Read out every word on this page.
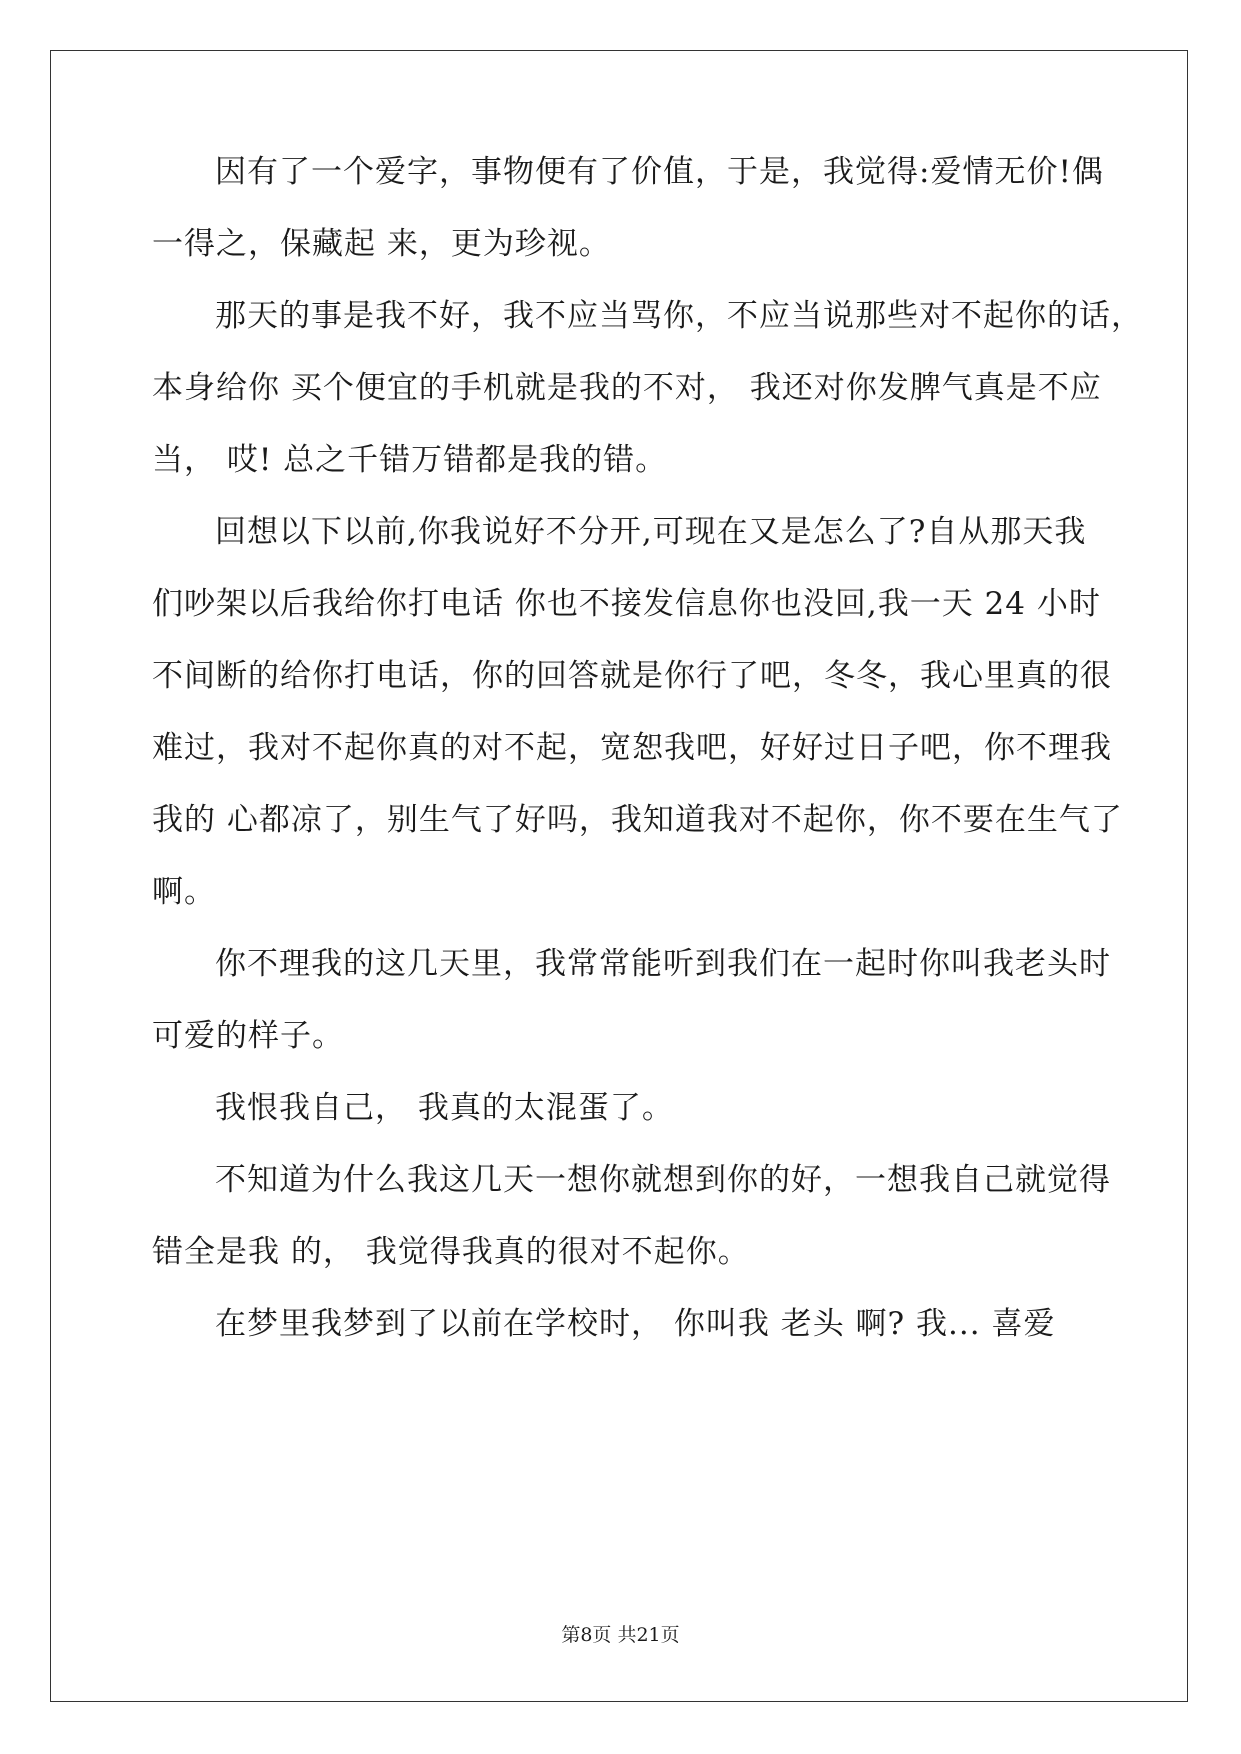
因有了一个爱字，事物便有了价值，于是，我觉得:爱情无价!偶
一得之，保藏起 来，更为珍视。
那天的事是我不好，我不应当骂你，不应当说那些对不起你的话，
本身给你 买个便宜的手机就是我的不对， 我还对你发脾气真是不应
当， 哎! 总之千错万错都是我的错。
回想以下以前,你我说好不分开,可现在又是怎么了?自从那天我
们吵架以后我给你打电话 你也不接发信息你也没回,我一天 24 小时
不间断的给你打电话，你的回答就是你行了吧，冬冬，我心里真的很
难过，我对不起你真的对不起，宽恕我吧，好好过日子吧，你不理我
我的 心都凉了，别生气了好吗，我知道我对不起你，你不要在生气了
啊。
你不理我的这几天里，我常常能听到我们在一起时你叫我老头时
可爱的样子。
我恨我自己， 我真的太混蛋了。
不知道为什么我这几天一想你就想到你的好，一想我自己就觉得
错全是我 的， 我觉得我真的很对不起你。
在梦里我梦到了以前在学校时， 你叫我 老头 啊? 我... 喜爱
第8页 共21页
